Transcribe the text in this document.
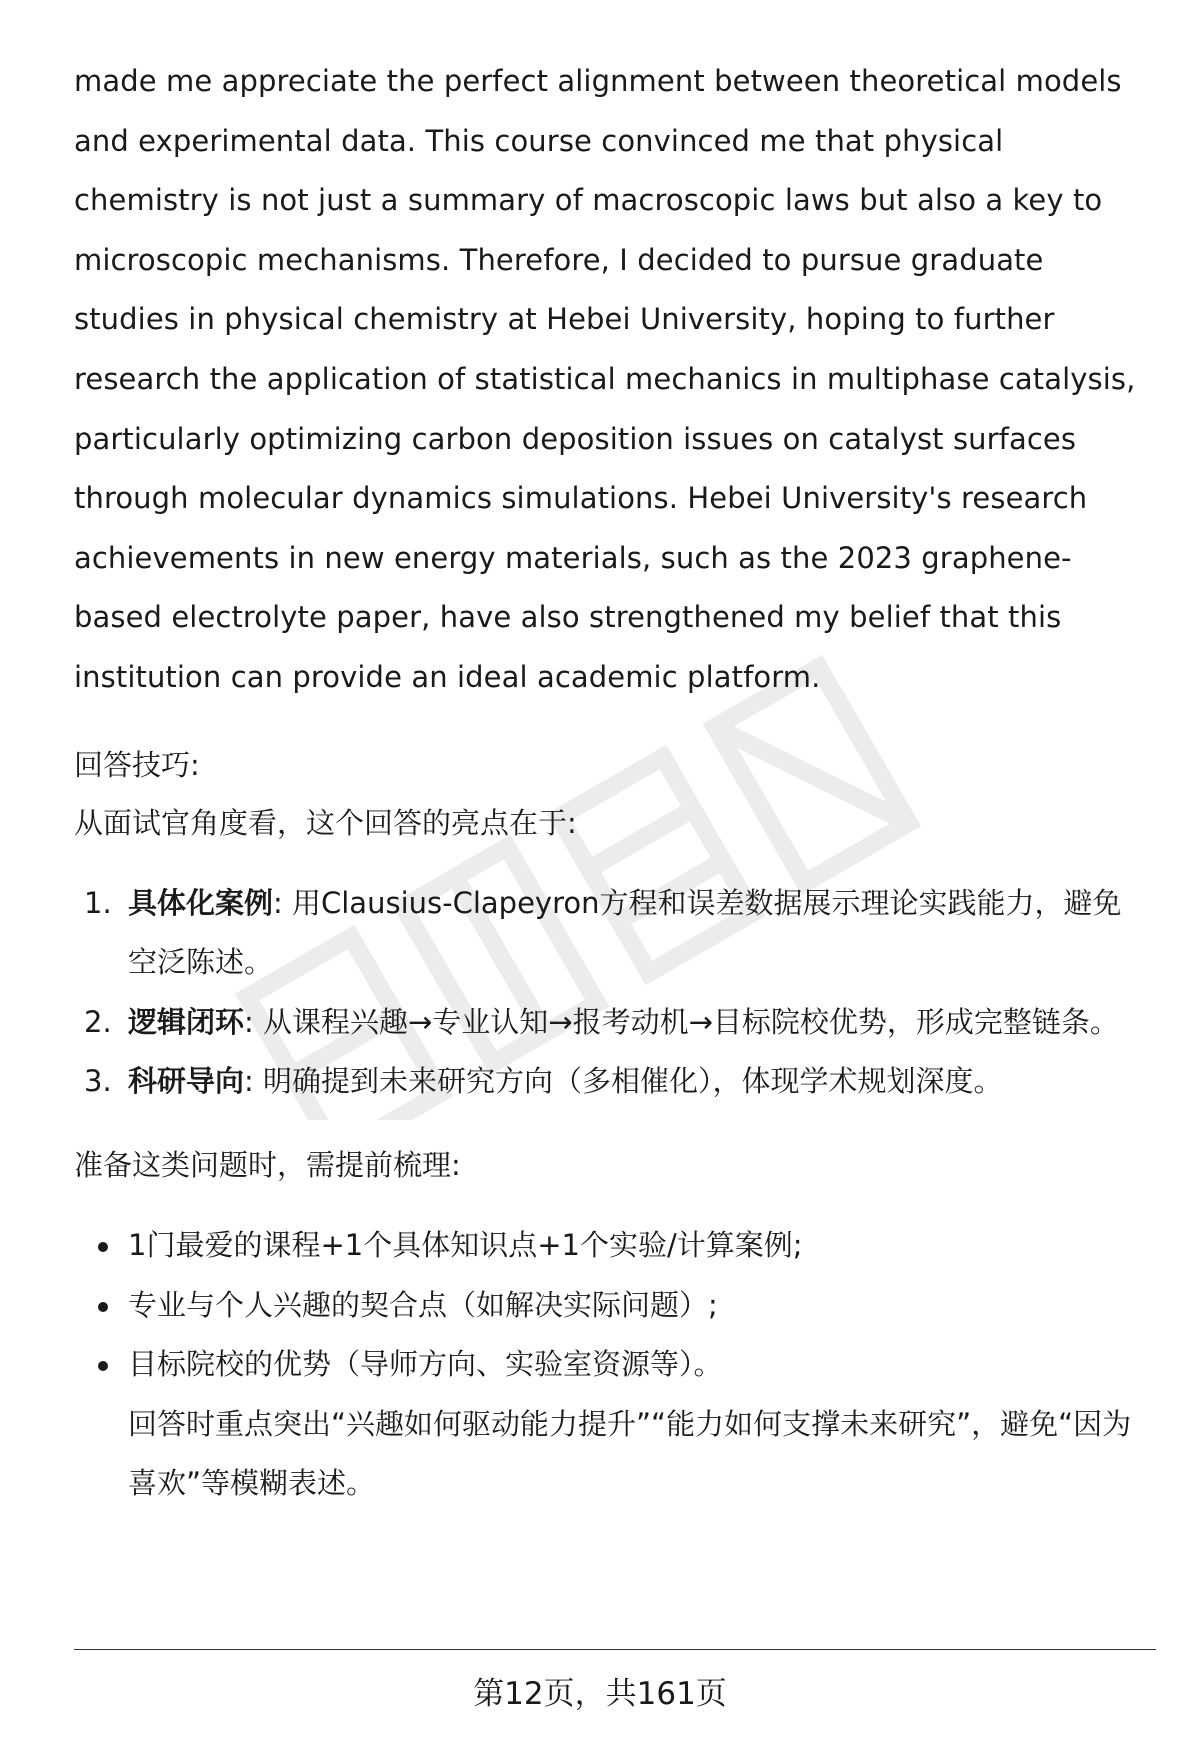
made me appreciate the perfect alignment between theoretical models and experimental data. This course convinced me that physical chemistry is not just a summary of macroscopic laws but also a key to microscopic mechanisms. Therefore, I decided to pursue graduate studies in physical chemistry at Hebei University, hoping to further research the application of statistical mechanics in multiphase catalysis, particularly optimizing carbon deposition issues on catalyst surfaces through molecular dynamics simulations. Hebei University's research achievements in new energy materials, such as the 2023 graphene-based electrolyte paper, have also strengthened my belief that this institution can provide an ideal academic platform.

回答技巧:

从面试官角度看，这个回答的亮点在于:

1. 具体化案例: 用Clausius-Clapeyron方程和误差数据展示理论实践能力，避免空泛陈述。
2. 逻辑闭环: 从课程兴趣→专业认知→报考动机→目标院校优势，形成完整链条。
3. 科研导向: 明确提到未来研究方向（多相催化），体现学术规划深度。

准备这类问题时，需提前梳理:

1门最爱的课程+1个具体知识点+1个实验/计算案例;
专业与个人兴趣的契合点（如解决实际问题）;
目标院校的优势（导师方向、实验室资源等）。
回答时重点突出“兴趣如何驱动能力提升”“能力如何支撑未来研究”，避免“因为喜欢”等模糊表述。
第12页，共161页
